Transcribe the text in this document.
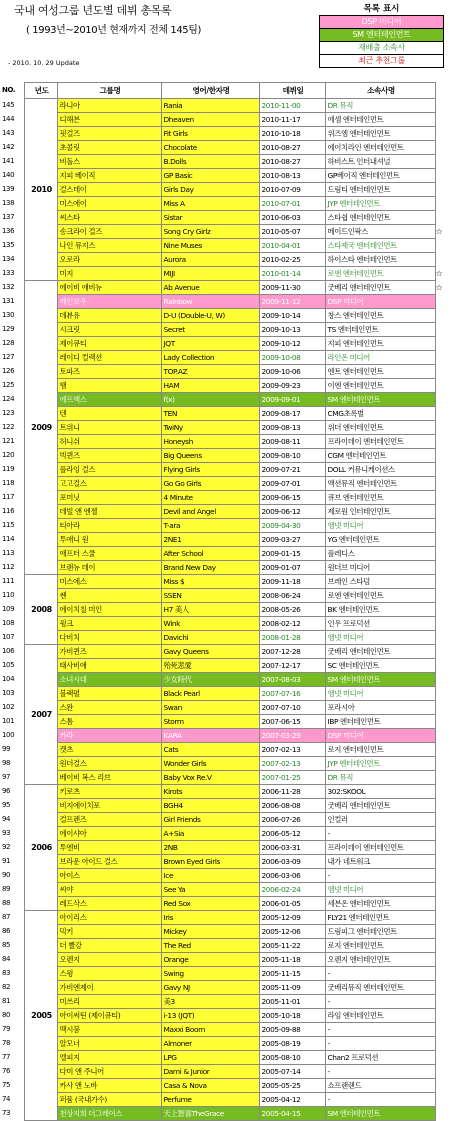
국내 여성그룹 년도별 데뷔 총목록
( 1993년~2010년 현재까지 전체 145팀)
- 2010. 10. 29 Update
목록 표시
DSP 미디어
SM 엔터테인먼트
재배출 소속사
최근 추천그룹
NO.	년도	그룹명	영어/한자명	데뷔일	소속사명	
145	2010	라니아	Rania	2010-11-00	DR 뮤직	
144		디해븐	Dheaven	2010-11-17	에셈 엔터테인먼트	
143		핏걸즈	Fit Girls	2010-10-18	위즈엠 엔터테인먼트	
142		초콜릿	Chocolate	2010-08-27	에이치라인 엔터테인먼트	
141		비돌스	B.Dolls	2010-08-27	하비스트 인터내셔널	
140		지피 베이직	GP Basic	2010-08-13	GP베이직 엔터테인먼트	
139		걸스데이	Girls Day	2010-07-09	드림티 엔터테인먼트	
138		미스에이	Miss A	2010-07-01	JYP 엔터테인먼트	
137		씨스타	Sistar	2010-06-03	스타쉽 엔터테인먼트	
136		송크라이 걸즈	Song Cry Girlz	2010-05-07	메이드인팍스	☆
135		나인 뮤지스	Nine Muses	2010-04-01	스타제국 엔터테인먼트	
134		오로라	Aurora	2010-02-25	하이스타 엔터테인먼트	
133		미지	MIJI	2010-01-14	로엔 엔터테인먼트	☆
132	2009	에이비 애비뉴	Ab Avenue	2009-11-30	굿베리 엔터테인먼트	☆
131		레인보우	Rainbow	2009-11-12	DSP 미디어	
130		데뷰유	D-U (Double-U, W)	2009-10-14	창스 엔터테인먼트	
129		시크릿	Secret	2009-10-13	TS 엔터테인먼트	
128		제이큐티	JQT	2009-10-12	지피 엔터테인먼트	
127		레이디 컬렉션	Lady Collection	2009-10-08	라인온 미디어	
126		토파즈	TOP.AZ	2009-10-06	엔트 엔터테인먼트	
125		햄	HAM	2009-09-23	이엔 엔터테인먼트	
124		에프엑스	f(x)	2009-09-01	SM 엔터테인먼트	
123		텐	TEN	2009-08-17	CMG초록별	
122		트위니	TwiNy	2009-08-13	위더 엔터테인먼트	
121		허니쉬	Honeysh	2009-08-11	프라이데이 엔터테인먼트	
120		빅퀸즈	Big Queens	2009-08-10	CGM 엔터테인먼트	
119		플라잉 걸스	Flying Girls	2009-07-21	DOLL 커뮤니케이션스	
118		고고걸스	Go Go Girls	2009-07-01	액션뮤직 엔터테인먼트	
117		포미닛	4 Minute	2009-06-15	큐브 엔터테인먼트	
116		데빌 앤 엔젤	Devil and Angel	2009-06-12	제로원 인터테인먼트	
115		티아라	T-ara	2009-04-30	엠넷 미디어	
114		투애니 원	2NE1	2009-03-27	YG 엔터테인먼트	
113		애프터 스쿨	After School	2009-01-15	플레디스	
112		브랜뉴 데이	Brand New Day	2009-01-07	원더브 미디어	
111	2008	미스에스	Miss $	2009-11-18	브레인 스타덤	
110		쎈	SSEN	2008-06-24	로엔 엔터테인먼트	
109		에이치칠 미인	H7 美人	2008-05-26	BK 엔터테인먼트	
108		윙크	Wink	2008-02-12	인우 프로덕션	
107		다비치	Davichi	2008-01-28	엠넷 미디어	
106	2007	가비퀸즈	Gavy Queens	2007-12-28	굿베리 엔터테인먼트	
105		태사비애	殆死悲愛	2007-12-17	SC 엔터테인먼트	
104		소녀시대	少女時代	2007-08-03	SM 엔터테인먼트	
103		블랙펄	Black Pearl	2007-07-16	엠넷 미디어	
102		스완	Swan	2007-07-10	포라시아	
101		스톰	Storm	2007-06-15	IBP 엔터테인먼트	
100		카라	KARA	2007-03-29	DSP 미디어	
99		캣츠	Cats	2007-02-13	로지 엔터테인먼트	
98		원더걸스	Wonder Girls	2007-02-13	JYP 엔터테인먼트	
97		베이비 복스 리브	Baby Vox Re.V	2007-01-25	DR 뮤직	
96	2006	키로츠	Kirots	2006-11-28	302:SKOOL	
95		비지에이치포	BGH4	2006-08-08	굿베리 엔터테인먼트	
94		걸프렌즈	Girl Friends	2006-07-26	인컬러	
93		에이샤아	A+Sia	2006-05-12	-	
92		투엔비	2NB	2006-03-31	프라이데이 엔터테인먼트	
91		브라운 아이드 걸스	Brown Eyed Girls	2006-03-09	내가 네트워크	
90		아이스	Ice	2006-03-06	-	
89		씨야	See Ya	2006-02-24	엠넷 미디어	
88		레드삭스	Red Sox	2006-01-05	세븐온 엔터테인먼트	
87	2005	아이리스	Iris	2005-12-09	FLY21 엔터테인먼트	
86		믹키	Mickey	2005-12-06	드림피그 엔터테인먼트	
85		더 빨강	The Red	2005-11-22	로지 엔터테인먼트	
84		오렌지	Orange	2005-11-18	오렌지 엔터테인먼트	
83		스윙	Swing	2005-11-15	-	
82		가비엔제이	Gavy NJ	2005-11-09	굿베리뮤직 엔터테인먼트	
81		미쓰리	美3	2005-11-01	-	
80		아이써틴 (제이큐티)	i-13 (JQT)	2005-10-18	라임 엔터테인먼트	
79		맥시붐	Maxxi Boom	2005-09-88	-	
78		알모너	Almoner	2005-08-19	-	
77		엘피지	LPG	2005-08-10	Chan2 프로덕션	
76		다미 앤 주니어	Dami & Junior	2005-07-14	-	
75		카사 앤 노바	Casa & Nova	2005-05-25	쇼프랜랜드	
74		퍼퓸 (국내가수)	Perfume	2005-04-12	-	
73		천상지희 더그레이스	天上智喜TheGrace	2005-04-15	SM 엔터테인먼트	
